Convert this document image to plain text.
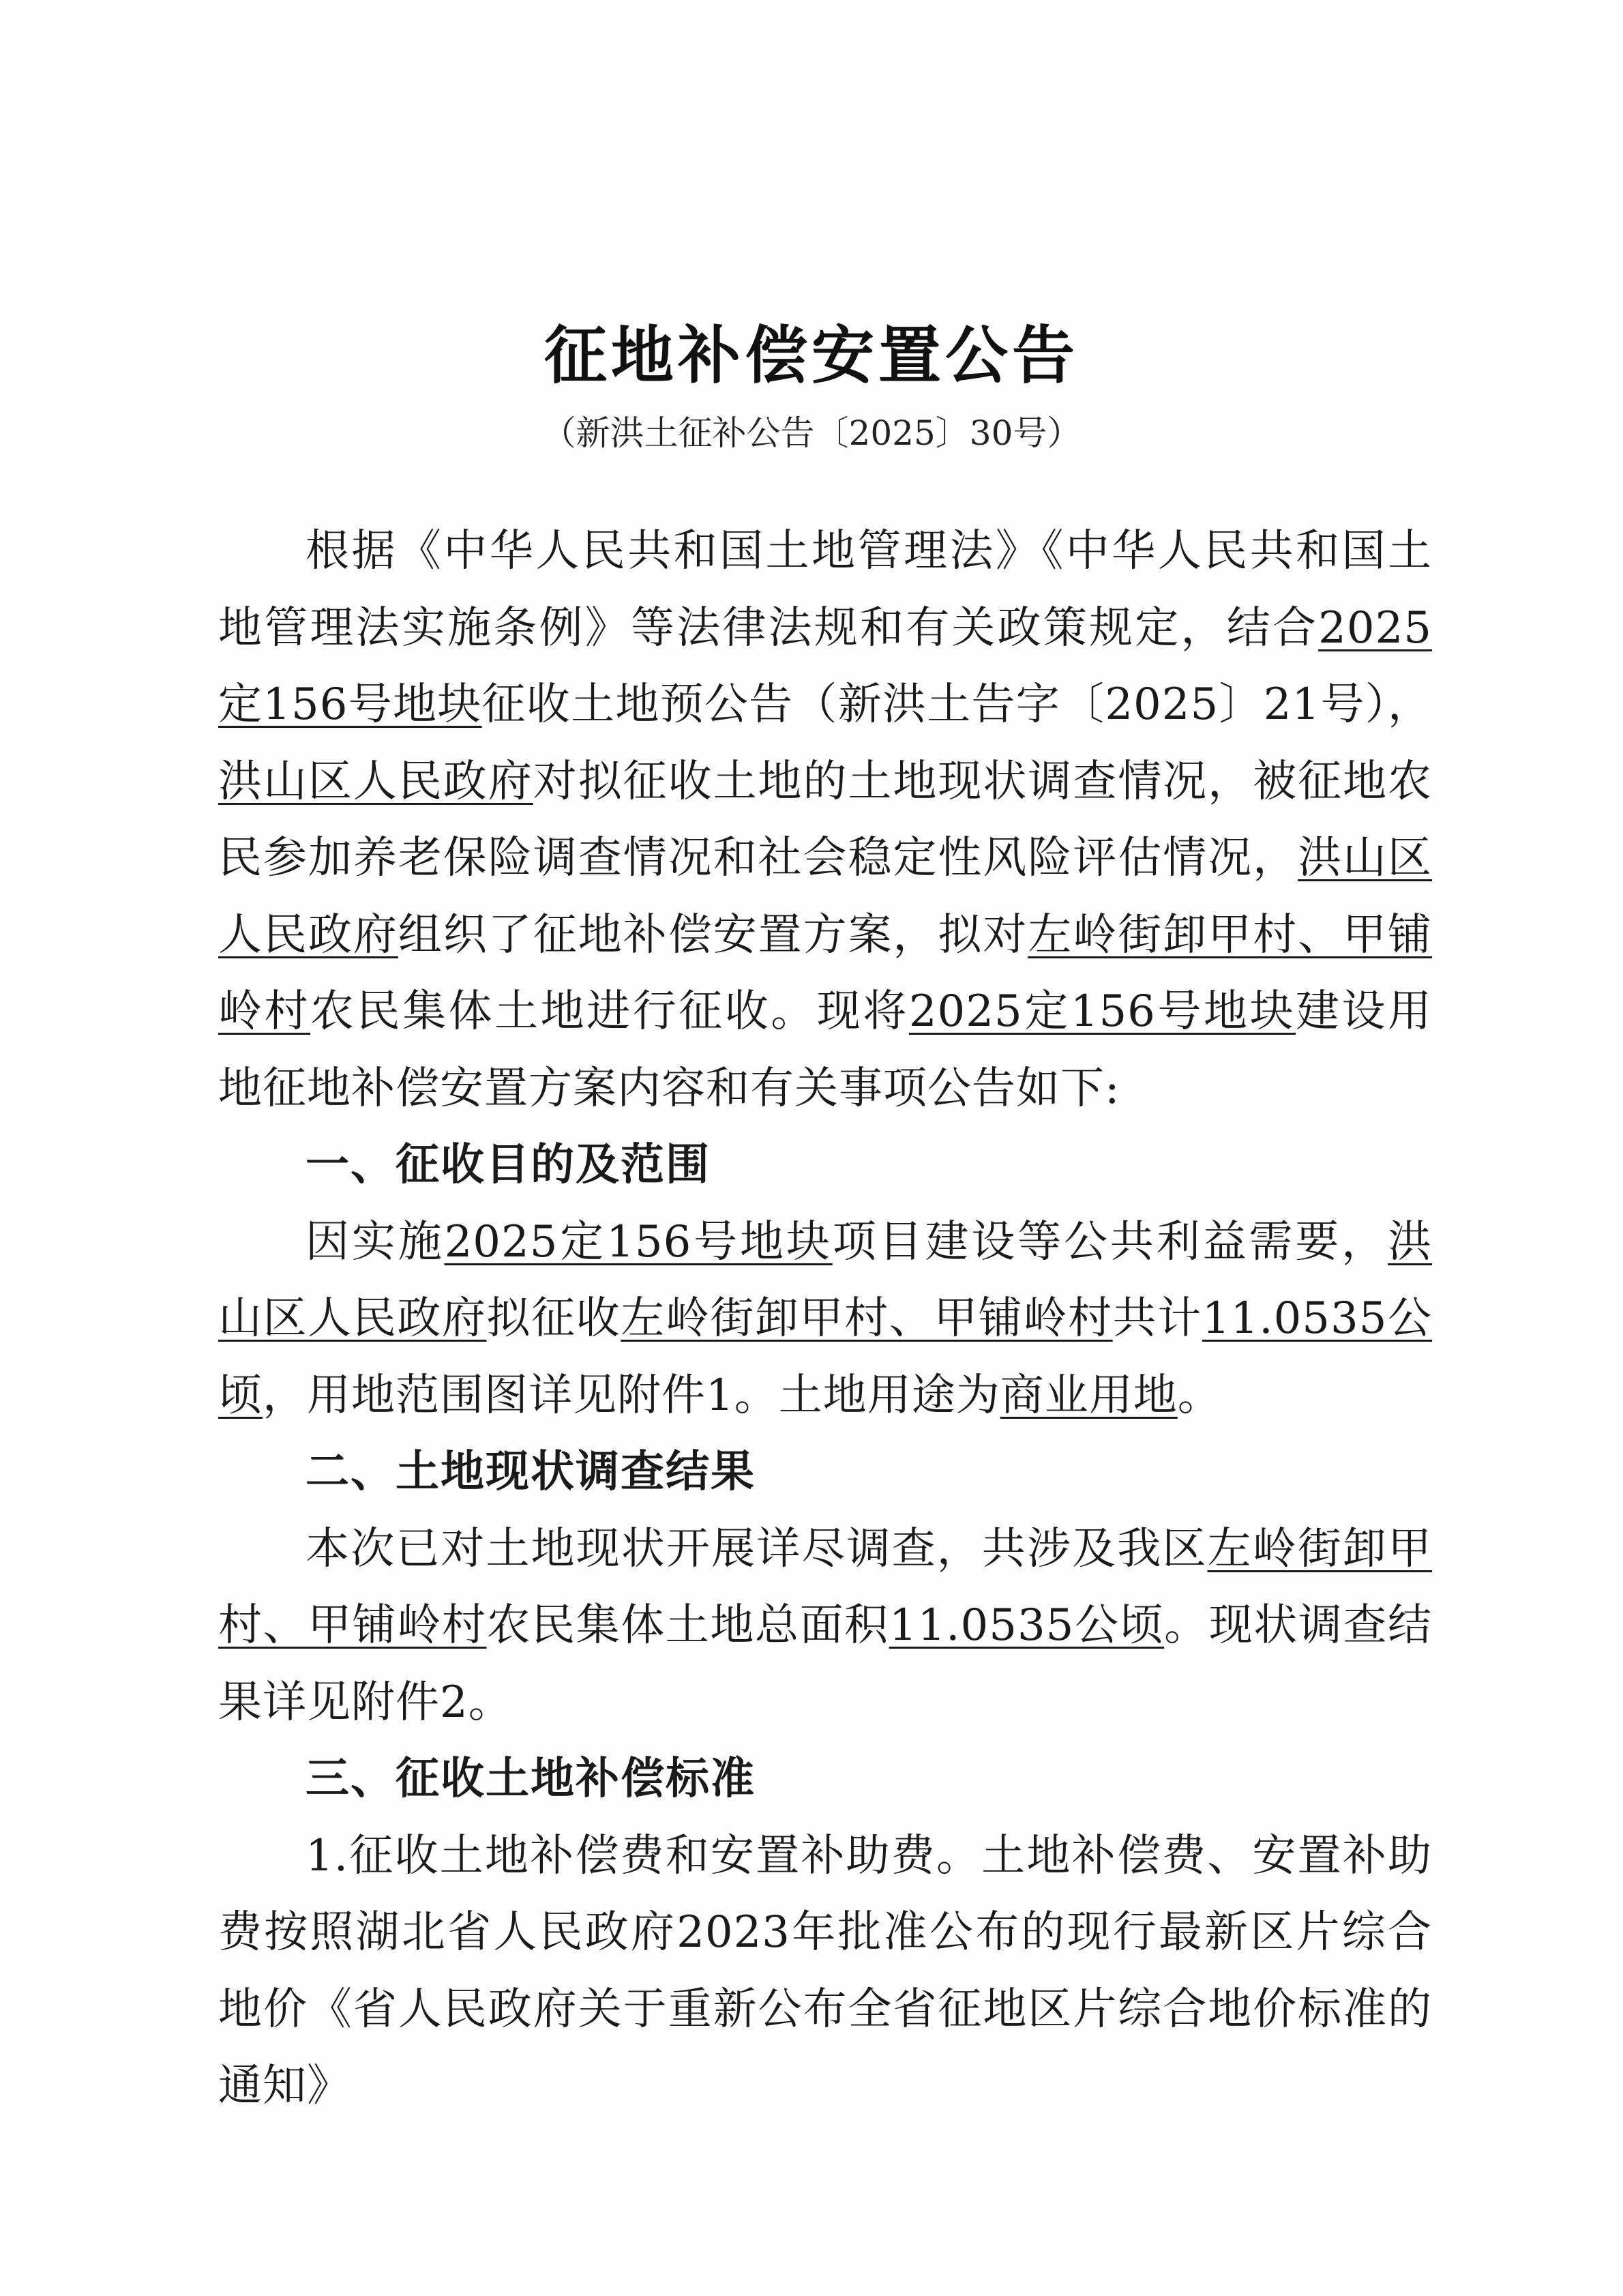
征地补偿安置公告
（新洪土征补公告〔2025〕30号）

根据《中华人民共和国土地管理法》《中华人民共和国土地管理法实施条例》等法律法规和有关政策规定，结合2025定156号地块征收土地预公告（新洪土告字〔2025〕21号），洪山区人民政府对拟征收土地的土地现状调查情况，被征地农民参加养老保险调查情况和社会稳定性风险评估情况，洪山区人民政府组织了征地补偿安置方案，拟对左岭街卸甲村、甲铺岭村农民集体土地进行征收。现将2025定156号地块建设用地征地补偿安置方案内容和有关事项公告如下:

一、征收目的及范围

因实施2025定156号地块项目建设等公共利益需要，洪山区人民政府拟征收左岭街卸甲村、甲铺岭村共计11.0535公顷，用地范围图详见附件1。土地用途为商业用地。

二、土地现状调查结果

本次已对土地现状开展详尽调查，共涉及我区左岭街卸甲村、甲铺岭村农民集体土地总面积11.0535公顷。现状调查结果详见附件2。

三、征收土地补偿标准

1.征收土地补偿费和安置补助费。土地补偿费、安置补助费按照湖北省人民政府2023年批准公布的现行最新区片综合地价《省人民政府关于重新公布全省征地区片综合地价标准的通知》
